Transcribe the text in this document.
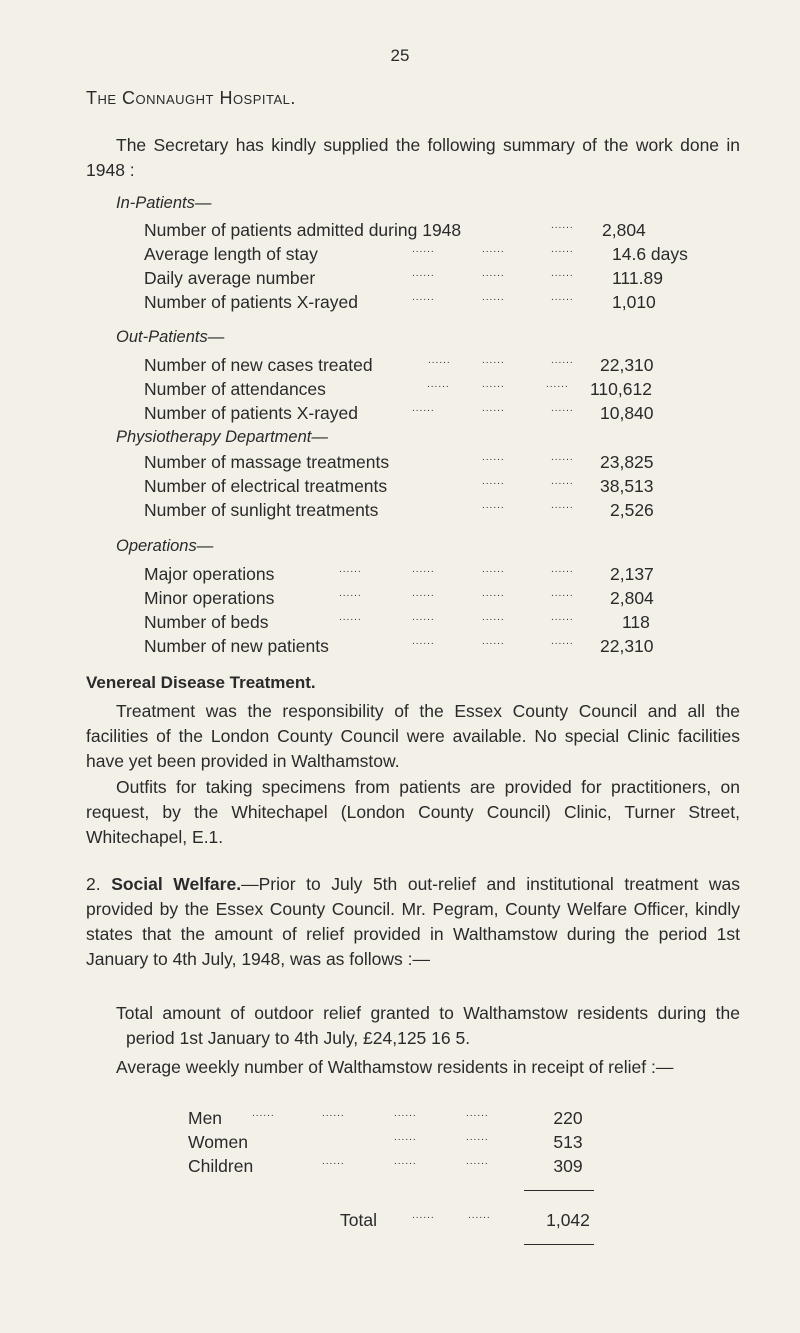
25
The Connaught Hospital.
The Secretary has kindly supplied the following summary of the work done in 1948 :
In-Patients—
Number of patients admitted during 1948	...... 2,804
Average length of stay	......	......	...... 14.6 days
Daily average number	......	......	...... 111.89
Number of patients X-rayed	......	......	...... 1,010
Out-Patients—
Number of new cases treated	......	......	...... 22,310
Number of attendances	......	......	...... 110,612
Number of patients X-rayed	......	......	...... 10,840
Physiotherapy Department—
Number of massage treatments	......	...... 23,825
Number of electrical treatments	......	...... 38,513
Number of sunlight treatments	......	...... 2,526
Operations—
Major operations	......	......	......	...... 2,137
Minor operations	......	......	......	...... 2,804
Number of beds	......	......	......	......	118
Number of new patients	......	......	...... 22,310
Venereal Disease Treatment.
Treatment was the responsibility of the Essex County Council and all the facilities of the London County Council were available. No special Clinic facilities have yet been provided in Walthamstow.
Outfits for taking specimens from patients are provided for practitioners, on request, by the Whitechapel (London County Council) Clinic, Turner Street, Whitechapel, E.1.
2. Social Welfare.—Prior to July 5th out-relief and institutional treatment was provided by the Essex County Council. Mr. Pegram, County Welfare Officer, kindly states that the amount of relief provided in Walthamstow during the period 1st January to 4th July, 1948, was as follows :—
Total amount of outdoor relief granted to Walthamstow residents during the period 1st January to 4th July, £24,125 16 5.
Average weekly number of Walthamstow residents in receipt of relief :—
Men	......	......	......	......	220
Women	......	......	513
Children	......	......	......	309
Total	......	......	1,042
